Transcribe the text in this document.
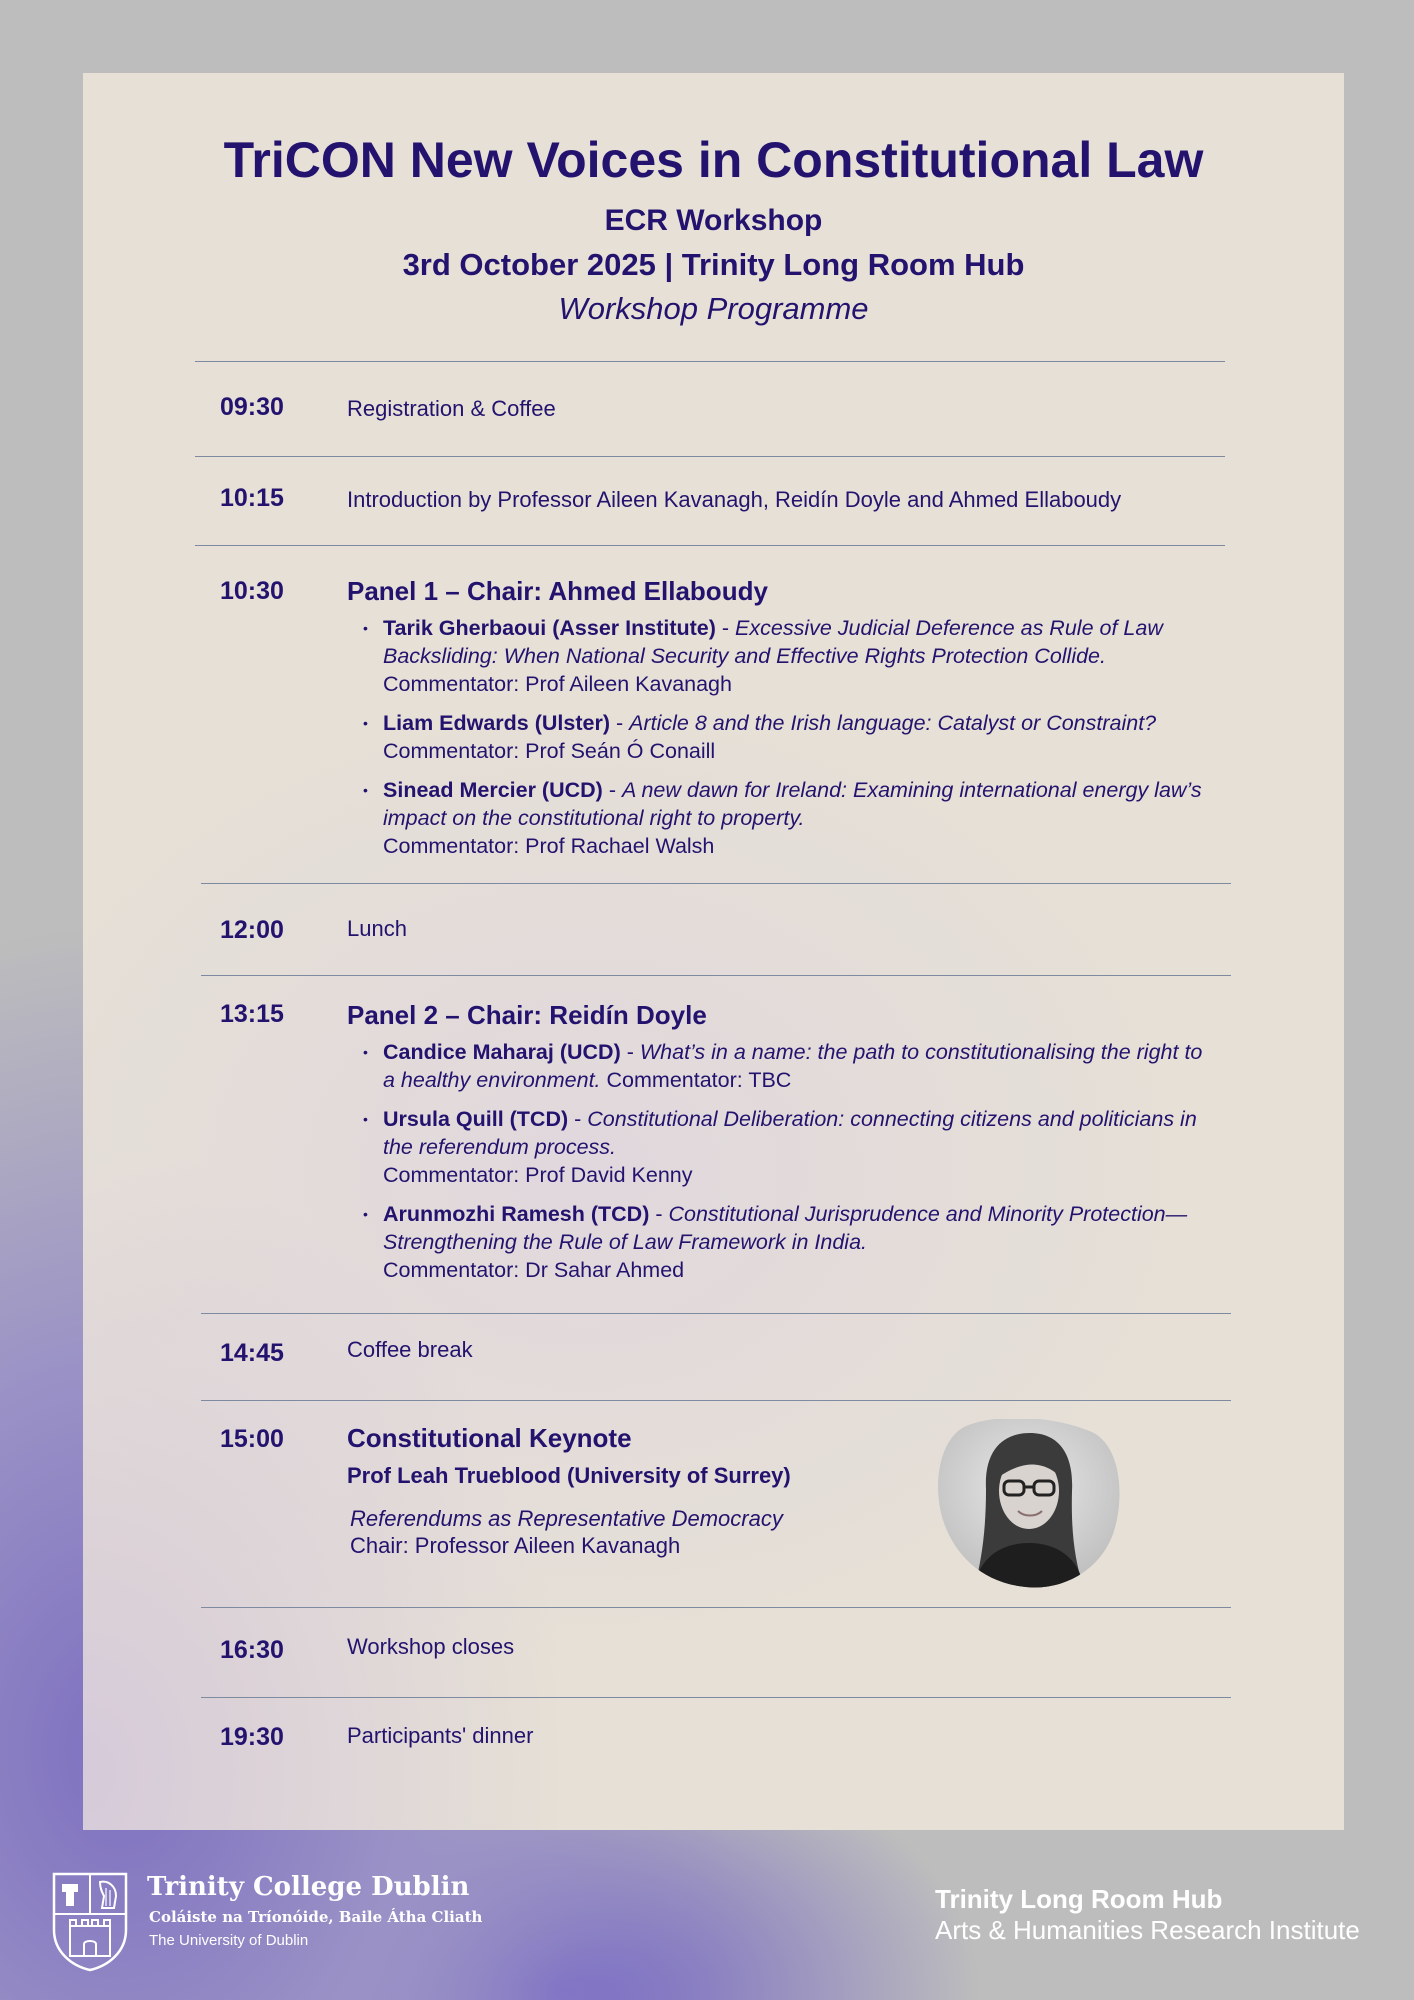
TriCON New Voices in Constitutional Law
ECR Workshop
3rd October 2025 | Trinity Long Room Hub
Workshop Programme
09:30	Registration & Coffee
10:15	Introduction by Professor Aileen Kavanagh, Reidín Doyle and Ahmed Ellaboudy
10:30 Panel 1 – Chair: Ahmed Ellaboudy
• Tarik Gherbaoui (Asser Institute) - Excessive Judicial Deference as Rule of Law Backsliding: When National Security and Effective Rights Protection Collide. Commentator: Prof Aileen Kavanagh
• Liam Edwards (Ulster) - Article 8 and the Irish language: Catalyst or Constraint? Commentator: Prof Seán Ó Conaill
• Sinead Mercier (UCD) - A new dawn for Ireland: Examining international energy law’s impact on the constitutional right to property.
Commentator: Prof Rachael Walsh
12:00	Lunch
13:15 Panel 2 – Chair: Reidín Doyle
• Candice Maharaj (UCD) - What’s in a name: the path to constitutionalising the right to a healthy environment. Commentator: TBC
• Ursula Quill (TCD) - Constitutional Deliberation: connecting citizens and politicians in the referendum process.
Commentator: Prof David Kenny
• Arunmozhi Ramesh (TCD) - Constitutional Jurisprudence and Minority Protection—Strengthening the Rule of Law Framework in India.
Commentator: Dr Sahar Ahmed
14:45	Coffee break
15:00 Constitutional Keynote
Prof Leah Trueblood (University of Surrey)
Referendums as Representative Democracy
Chair: Professor Aileen Kavanagh
16:30	Workshop closes
19:30	Participants' dinner
Trinity College Dublin
Coláiste na Tríonóide, Baile Átha Cliath
The University of Dublin
Trinity Long Room Hub
Arts & Humanities Research Institute
